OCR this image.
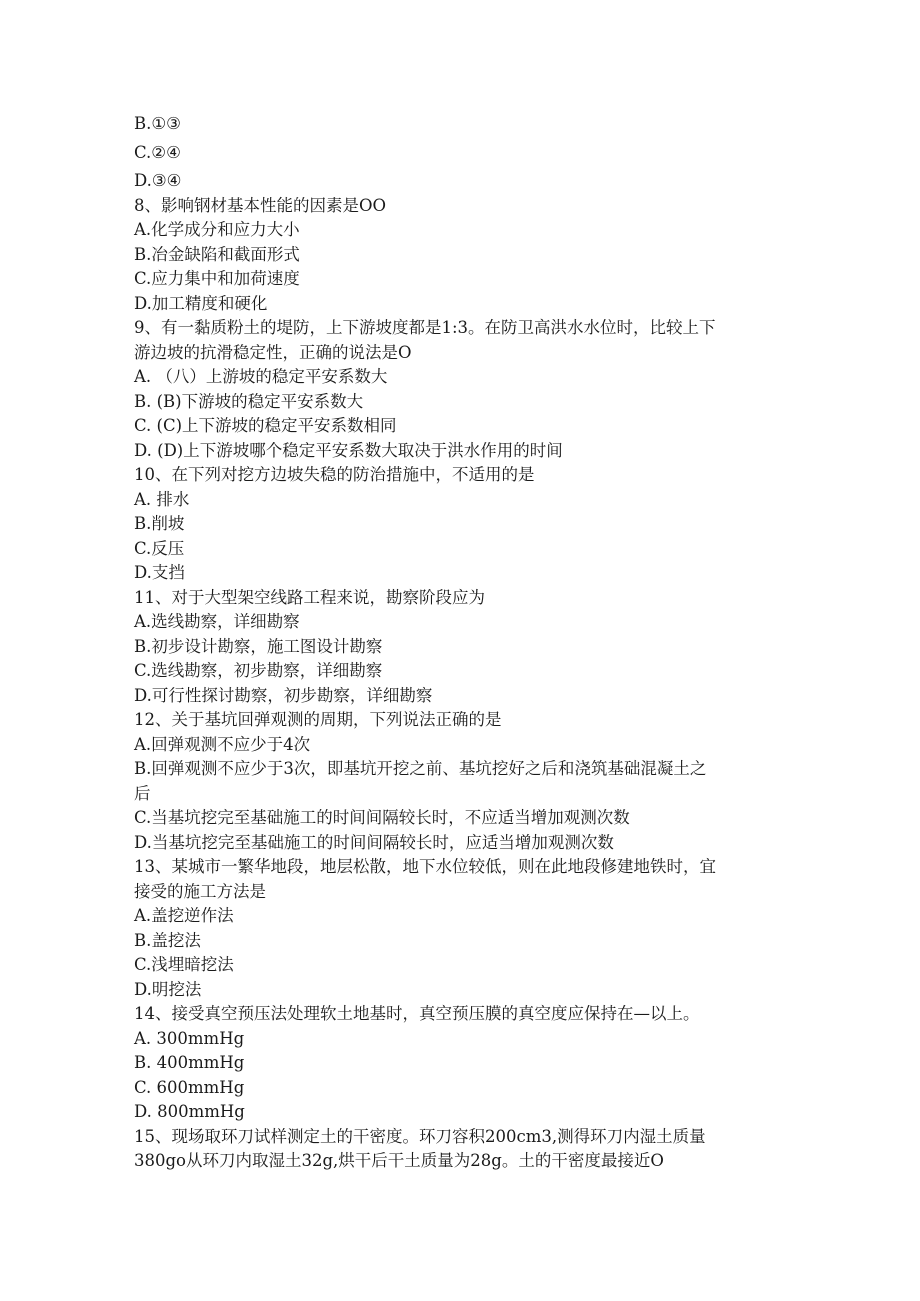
B.①③
C.②④
D.③④
8、影响钢材基本性能的因素是OO
A.化学成分和应力大小
B.冶金缺陷和截面形式
C.应力集中和加荷速度
D.加工精度和硬化
9、有一黏质粉土的堤防，上下游坡度都是1:3。在防卫高洪水水位时，比较上下
游边坡的抗滑稳定性，正确的说法是O
A. （八）上游坡的稳定平安系数大
B. (B)下游坡的稳定平安系数大
C. (C)上下游坡的稳定平安系数相同
D. (D)上下游坡哪个稳定平安系数大取决于洪水作用的时间
10、在下列对挖方边坡失稳的防治措施中，不适用的是
A. 排水
B.削坡
C.反压
D.支挡
11、对于大型架空线路工程来说，勘察阶段应为
A.选线勘察，详细勘察
B.初步设计勘察，施工图设计勘察
C.选线勘察，初步勘察，详细勘察
D.可行性探讨勘察，初步勘察，详细勘察
12、关于基坑回弹观测的周期，下列说法正确的是
A.回弹观测不应少于4次
B.回弹观测不应少于3次，即基坑开挖之前、基坑挖好之后和浇筑基础混凝土之
后
C.当基坑挖完至基础施工的时间间隔较长时，不应适当增加观测次数
D.当基坑挖完至基础施工的时间间隔较长时，应适当增加观测次数
13、某城市一繁华地段，地层松散，地下水位较低，则在此地段修建地铁时，宜
接受的施工方法是
A.盖挖逆作法
B.盖挖法
C.浅埋暗挖法
D.明挖法
14、接受真空预压法处理软土地基时，真空预压膜的真空度应保持在—以上。
A. 300mmHg
B. 400mmHg
C. 600mmHg
D. 800mmHg
15、现场取环刀试样测定土的干密度。环刀容积200cm3,测得环刀内湿土质量
380go从环刀内取湿土32g,烘干后干土质量为28g。土的干密度最接近O
